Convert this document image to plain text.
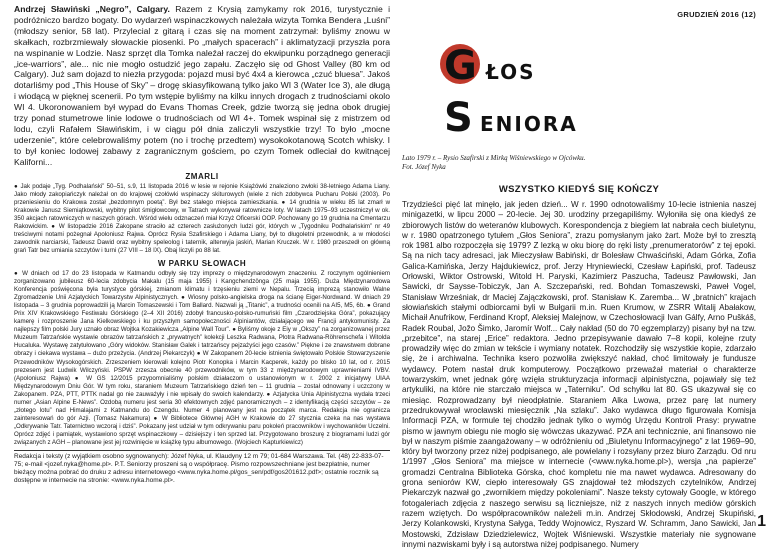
Andrzej Sławiński „Negro”, Calgary. Razem z Krysią zamykamy rok 2016, turystycznie i podróżniczo bardzo bogaty. Do wydarzeń wspinaczkowych należała wizyta Tomka Bendera „Luśni” (młodszy senior, 58 lat). Przylecial z gitarą i czas się na moment zatrzymał: byliśmy znowu w skałkach, rozbrzmiewały słowackie piosenki. Po „małych spacerach” i aklimatyzacji przyszła pora na wspinanie w Lodzie. Nasz sprzęt dla Tomka naleźał raczej do ekwipunku porządnego generacji „ice-warriors”, ale... nic nie mogło ostudzić jego zapału. Zaczęło się od Ghost Valley (80 km od Calgary). Już sam dojazd to niezła przygoda: pojazd musi być 4x4 a kierowca „czuć bluesa”. Jakoś dotarliśmy pod „This House of Sky” – drogę skiasyfikowaną tylko jako WI 3 (Water Ice 3), ale długą i wiodącą w pięknej scenerii. Po tym wstępie byliśmy na kilku innych drogach z trudnościami okolo WI 4. Ukoronowaniem był wypad do Evans Thomas Creek, gdzie tworzą się jedna obok drugiej trzy ponad stumetrowe linie lodowe o trudnościach od WI 4+. Tomek wspinał się z mistrzem od lodu, czyli Rafałem Sławińskim, i w ciągu pół dnia zaliczyli wszystkie trzy! To było „mocne uderzenie”, które celebrowaliśmy potem (no i trochę przedtem) wysokokotanową Scotch whisky. I to był koniec lodowej zabawy z zagranicznym gościem, po czym Tomek odleciał do kwitnącej Kaliforni...

ZMARLI

● Jak podaje „Tyg. Podhalański” 50–51, s.9, 11 listopada 2016 w lesie w rejonie Książówki znaleziono zwłoki 38-letniego Adama Liany. Jako młody zakopiańczyk należał on do krajowej czołówki wspinaczy skiturowych (wiele z nich zdobywca Pucharu Polski (2003). Po przeniesieniu do Krakowa został „bezdomnym poetą”. Był bez stałego miejsca zamieszkania. ● 14 grudnia w wieku 85 lat zmarł w Krakowie Janusz Siemiątkowski, wybitny pilot śmigłowcowy, w Tatrach wykonywał ratownicze loty. W latach 1975–93 uczestniczył w ok. 350 akcjach ratowniczych w naszych górach. Wśród wielu odznaczeń miał Krzyż Oficerski OOP. Pochowany go 19 grudnia na Cmentarzu Rakowickim. ● W listopadzie 2016 Zakopane straciło aż czterech zasłużonych ludzi gór, których w „Tygodniku Podhalańskim” nr 49 treściwymi notami pożegnał Apoloniusz Rajwa. Oprócz Rysia Szafirskiego i Adama Liany, był to długoletni przewodnik, a w młodości zawodnik narciarski, Tadeusz Dawid oraz wybitny speleolog i taternik, alterwyja jaskiń, Marian Kruczek. W r. 1980 przeszedł on główną grań Tatr bez umiania szczytów i turni (27 VIII – 18 IX). Obaj liczyli po 88 lat.

W PARKU SŁOWACH

● W dniach od 17 do 23 listopada w Katmandu odbyły się trzy imprezy o międzynarodowym znaczeniu. Z roczynym ogólnieniem zorganizowano jubileusz 60-lecia zdobycia Makalu (15 maja 1955) i Kangchendzönga (25 maja 1955). Duża Międzynarodowa Konferencja poświęcona była turystyce górskiej, zmianom klimatu i trzęsieniu ziemi w Nepalu. Trzecią imprezą stanowiło Walne Zgromadzenie Unii Azjatyckich Towarzystw Alpinistycznych. ● Wiosny polsko-angielska droga na ścianę Eiger-Nordwand. W dniach 29 listopada – 3 grudnia poprowadzili ją Marcin Tomaszewski i Tom Ballard. Nazwali ją „Titanic”, a trudności ocenili na AI5, M5, 6b. ● Grand Prix XIV Krakowskiego Festiwalu Górskiego (2–4 XII 2016) zdobył francusko-polsko-rumuński film „Czarodziejska Góra”, pokazujący kamerę i rozproszenie Jana Kielkowskiego i ku przyszłym samopołeczności Alpiniantów, działającego we Francji antykomunisty. Za najlepszy film polski Jury uznało obraz Wojtka Kozakiewicza „Alpine Wall Tour”. ● Byliśmy okoje z Eiy w „Okszy” na zorganizowanej przez Muzeum Tatrzańskie wystawie obrazów tatrzańskich z „prywatnych” kolekcji Leszka Radwana, Plotra Radwana-Röhrenschefa i Witolda Hucaluka. Wystawę zatytułowano „Góry widoków. Stanisław Galek i tatrzańscy pejzażyści jego czasów.” Piękne i ze znawstwem dobrane obrazy i ciekawa wystawa – dużo przeżycia. (Andrzej Piekarczyk) ● W Zakopanem 20-lecie istnienia świętowało Polskie Stowarzyszenie Przewodników Wysokogórskich. Zrzeszeniem kierowali kolejno Piotr Konopka i Marcin Kacperek, każdy po blisko 10 lat, od r. 2015 prezesem jest Ludwik Wilczyński. PSPW zrzesza obecnie 40 przewodników, w tym 33 z międzynarodowym uprawnieniami IVBV. (Apoloniusz Rajwa) ● W GS 12/2015 przypomnialiśmy polskim działaczom o ustanowionym w r. 2002 z inicjatywy UIAA Międzynarodowym Dniu Gór. W tym roku, staraniem Muzeum Tatrzańskiego dzień ten – 11 grudnia – został odnowany i uczczony w Zakopanem. PZA, PTT, PTTK nadal go nie zauważyły i nie wpisały do swoich kalendarzy. ● Azjatycka Unia Alpinistyczna wydała trzeci numer „Asian Alpine E-News”. Ozdobą numeru jest seria 30 efektownych zdjęć panoramicznych – z identyfikacją części szczytów – ze „złotego lotu” nad Himalajami z Katmandu do Czengdu. Numer 4 planowany jest na początek marca. Redakcja nie ogranicza zainteresowań do gór Azji. (Tomasz Nakamura) ● W Bibliotece Głównej AGH w Krakowie do 27 stycznia czeka na nas wystawa „Odkrywanie Tatr. Taternictwo wczoraj i dziś”. Pokazany jest udział w tym odkrywaniu paru pokoleń pracowników i wychowanków Uczelni. Oprócz zdjęć i pamiątek, wystawiono sprzęt wspinaczkowy – dzisiejszy i ten sprzed lat. Przygotowano broszurę z biogramami ludzi gór związanych z AGH – planowane jest jej rozwinięcie w książkę typu albumowego. (Wojciech Kapturkiewicz)

Redakcja i teksty (z wyjątkiem osobno sygnowanych): Józef Nyka, ul. Klaudyny 12 m 79; 01-684 Warszawa. Tel. (48) 22-833-07-75; e-mail <jozef.nyka@home.pl>. P.T. Seniorzy proszeni są o współpracę. Pismo rozpowszechniane jest bezpłatnie, numer bieżący można pobrać do druku z adresu internetowego <www.nyka.home.pl/gos_sen/pdf/gos201612.pdf>; ostatnie rocznik są dostępne w internecie na stronie: <www.nyka.home.pl>.

GRUDZIEŃ 2016 (12)
G ŁOS
S ENIORA
Lato 1979 r. – Rysio Szafirski z Mirką Wiśniewskiego w Ojcówku.
Fot. Józef Nyka
WSZYSTKO KIEDYŚ SIĘ KOŃCZY

Trzydzieści pięć lat minęło, jak jeden dzień... W r. 1990 odnotowaliśmy 10-lecie istnienia naszej minigazetki, w lipcu 2000 – 20-lecie. Jej 30. urodziny przegapiliśmy. Wyłoniła się ona kiedyś ze zbiorowych listów do weteranów klubowych. Korespondencja z biegiem lat nabrała cech biuletynu, w r. 1980 opatrzonego tytułem „Głos Seniora”, zrazu pomysłanym jako żart. Może był to zresztą rok 1981 albo rozpoczęła się 1979? Z lezką w oku biorę do ręki listy „prenumeratorów” z tej epoki. Są na nich tacy adresaci, jak Mieczysław Babiński, dr Bolesław Chwaściński, Adam Górka, Zofia Galica-Kamińska, Jerzy Hajdukiewicz, prof. Jerzy Hryniewiecki, Czesław Łapiński, prof. Tadeusz Orłowski, Wiktor Ostrowski, Witold H. Paryski, Kazimierz Paszucha, Tadeusz Pawłowski, Jan Sawicki, dr Saysse-Tobiczyk, Jan A. Szczepański, red. Bohdan Tomaszewski, Paweł Vogel, Stanisław Wrześniak, dr Maciej Zajączkowski, prof. Stanisław K. Zaremba... W „bratnich” krajach słowiańskich stałymi odbiorcami byli w Bułgarii m.in. Ruen Krumow, w ZSRR Witalij Abałakow, Michaił Anufrikow, Ferdinand Kropf, Aleksiej Malejnow, w Czechosłowacji Ivan Gálfy, Arno Puškáš, Radek Roubal, Jožo Šimko, Jaromír Wolf... Cały nakład (50 do 70 egzemplarzy) pisany był na tzw. „przebitce”, na starej „Erice” redaktora. Jedno przepisywanie dawało 7–8 kopii, kolejne rzuty prowadziły więc do zmian w tekście i wymiany notatek. Rozchodziły się wszystkie kopie, zdarzało się, że i archiwalna. Technika ksero pozwoliła zwiększyć nakład, choć limitowały je fundusze wydawcy. Potem nastał druk komputerowy. Początkowo przewaźał materiał o charakterze towarzyskim, wnet jednak górę wzięła strukturyzacja informacji alpinistyczna, pojawiały się też artykuliki, na które nie starczało miejsca w „Taterniku”. Od schyłku lat 80. GS ukazywał się co miesiąc. Rozprowadzany był nieodpłatnie. Staraniem Alka Lwowa, przez parę lat numery przedrukowywał wrocławski miesięcznik „Na szlaku”. Jako wydawca długo figurowała Komisja Informacji PZA, w formule tej chodziło jednak tylko o wymóg Urzędu Kontroli Prasy: prywatne pismo w jawnym obiegu nie mogło się wówczas ukazywać. PZA ani technicznie, ani finansowo nie był w naszym piśmie zaangażowany – w odróżnieniu od „Biuletynu Informacyjnego” z lat 1969–90, który był tworzony przez niżej podpisanego, ale powielany i rozsyłany przez biuro Zarządu. Od nru 1/1997 „Głos Seniora” ma miejsce w internecie (<www.nyka.home.pl>), wersja „na papierze” gromadzi Centralna Biblioteka Górska, choć kompletu nie ma nawet wydawca. Adresowany do grona seniorów KW, ciepło interesowały GS znajdował też młodszych czytelników, Andrzej Piekarczyk nazwał go „zwornikiem między pokoleniami”. Nasze teksty cytowały Google, w którego fotogaleriach zdjęcia z naszego serwisu są liczniejsze, niż z naszych innych mediów górskich razem wziętych. Do współpracowników należeli m.in. Andrzej Skłodowski, Andrzej Skupiński, Jerzy Kolankowski, Krystyna Sałyga, Teddy Wojnowicz, Ryszard W. Schramm, Jano Sawicki, Jan Mostowski, Zdzisław Dziedzielewicz, Wojtek Wiśniewski. Wszystkie materiały nie sygnowane innymi nazwiskami były i są autorstwa niżej podpisanego. Numery

1
